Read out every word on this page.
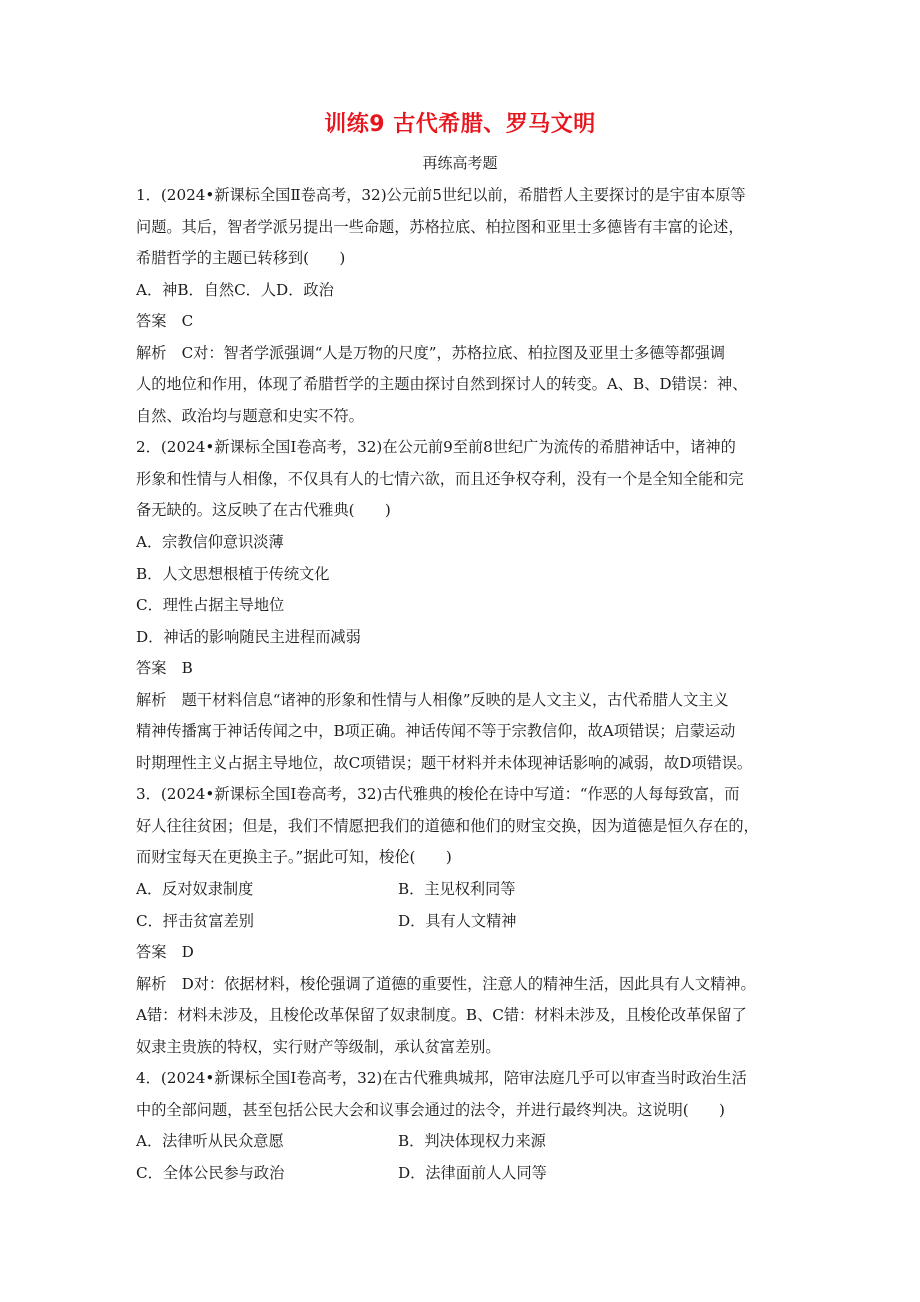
训练9 古代希腊、罗马文明
再练高考题
1．(2024•新课标全国Ⅱ卷高考，32)公元前5世纪以前，希腊哲人主要探讨的是宇宙本原等
问题。其后，智者学派另提出一些命题，苏格拉底、柏拉图和亚里士多德皆有丰富的论述，
希腊哲学的主题已转移到(　　)
A．神B．自然C．人D．政治
答案　 C
解析　 C对：智者学派强调“人是万物的尺度”，苏格拉底、柏拉图及亚里士多德等都强调
人的地位和作用，体现了希腊哲学的主题由探讨自然到探讨人的转变。A、B、D错误：神、
自然、政治均与题意和史实不符。
2．(2024•新课标全国Ⅰ卷高考，32)在公元前9至前8世纪广为流传的希腊神话中，诸神的
形象和性情与人相像，不仅具有人的七情六欲，而且还争权夺利，没有一个是全知全能和完
备无缺的。这反映了在古代雅典(　　)
A．宗教信仰意识淡薄
B．人文思想根植于传统文化
C．理性占据主导地位
D．神话的影响随民主进程而减弱
答案　 B
解析　 题干材料信息“诸神的形象和性情与人相像”反映的是人文主义，古代希腊人文主义
精神传播寓于神话传闻之中，B项正确。神话传闻不等于宗教信仰，故A项错误；启蒙运动
时期理性主义占据主导地位，故C项错误；题干材料并未体现神话影响的减弱，故D项错误。
3．(2024•新课标全国Ⅰ卷高考，32)古代雅典的梭伦在诗中写道：“作恶的人每每致富，而
好人往往贫困；但是，我们不情愿把我们的道德和他们的财宝交换，因为道德是恒久存在的，
而财宝每天在更换主子。”据此可知，梭伦(　　)
A．反对奴隶制度	B．主见权利同等
C．抨击贫富差别	D．具有人文精神
答案　 D
解析　 D对：依据材料，梭伦强调了道德的重要性，注意人的精神生活，因此具有人文精神。
A错：材料未涉及，且梭伦改革保留了奴隶制度。B、C错：材料未涉及，且梭伦改革保留了
奴隶主贵族的特权，实行财产等级制，承认贫富差别。
4．(2024•新课标全国Ⅰ卷高考，32)在古代雅典城邦，陪审法庭几乎可以审查当时政治生活
中的全部问题，甚至包括公民大会和议事会通过的法令，并进行最终判决。这说明(　　)
A．法律听从民众意愿	B．判决体现权力来源
C．全体公民参与政治	D．法律面前人人同等
